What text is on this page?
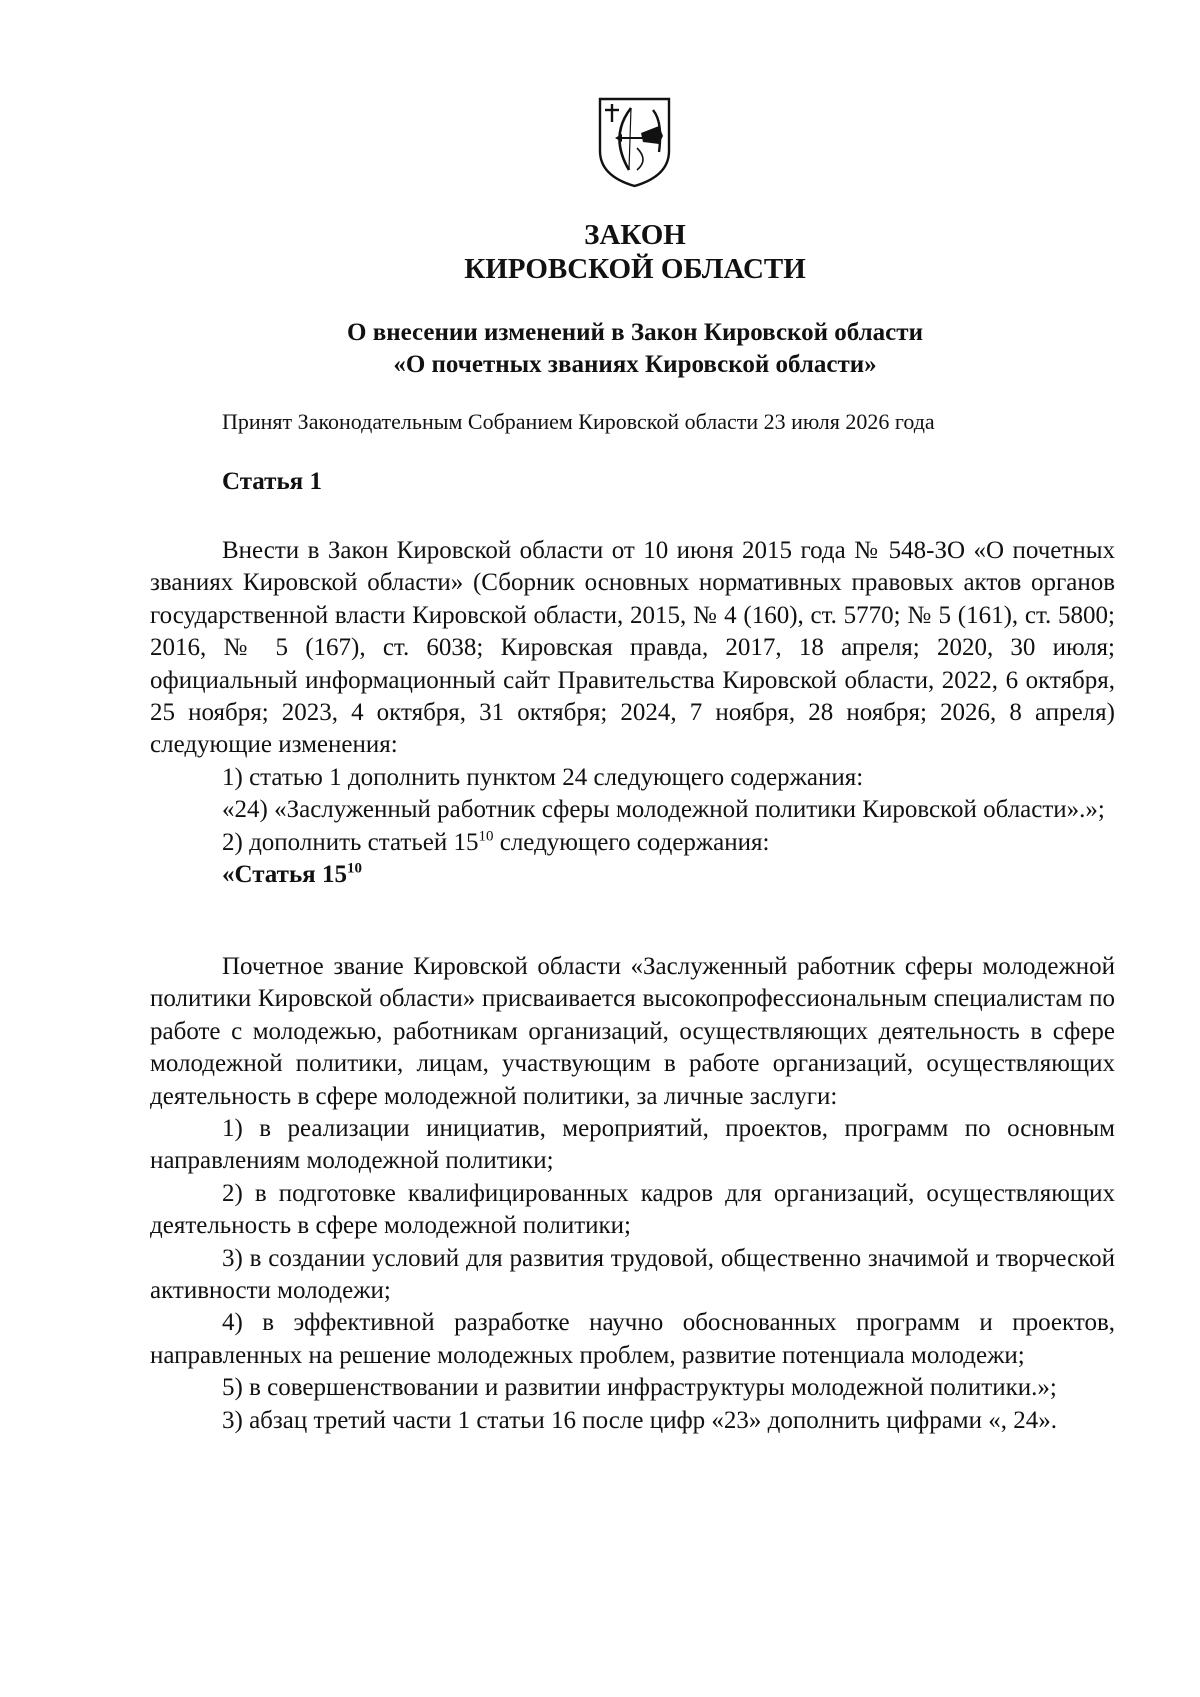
ЗАКОН
КИРОВСКОЙ ОБЛАСТИ
О внесении изменений в Закон Кировской области
«О почетных званиях Кировской области»
Принят Законодательным Собранием Кировской области 23 июля 2026 года
Статья 1

Внести в Закон Кировской области от 10 июня 2015 года № 548-ЗО «О почетных званиях Кировской области» (Сборник основных нормативных правовых актов органов государственной власти Кировской области, 2015, № 4 (160), ст. 5770; № 5 (161), ст. 5800; 2016, № 5 (167), ст. 6038; Кировская правда, 2017, 18 апреля; 2020, 30 июля; официальный информационный сайт Правительства Кировской области, 2022, 6 октября, 25 ноября; 2023, 4 октября, 31 октября; 2024, 7 ноября, 28 ноября; 2026, 8 апреля) следующие изменения:

1) статью 1 дополнить пунктом 24 следующего содержания:

«24) «Заслуженный работник сферы молодежной политики Кировской области».»;

2) дополнить статьей $15^{10}$ следующего содержания:

«Статья $15^{10}$

Почетное звание Кировской области «Заслуженный работник сферы молодежной политики Кировской области» присваивается высокопрофессиональным специалистам по работе с молодежью, работникам организаций, осуществляющих деятельность в сфере молодежной политики, лицам, участвующим в работе организаций, осуществляющих деятельность в сфере молодежной политики, за личные заслуги:

1) в реализации инициатив, мероприятий, проектов, программ по основным направлениям молодежной политики;

2) в подготовке квалифицированных кадров для организаций, осуществляющих деятельность в сфере молодежной политики;

3) в создании условий для развития трудовой, общественно значимой и творческой активности молодежи;

4) в эффективной разработке научно обоснованных программ и проектов, направленных на решение молодежных проблем, развитие потенциала молодежи;

5) в совершенствовании и развитии инфраструктуры молодежной политики.»;

3) абзац третий части 1 статьи 16 после цифр «23» дополнить цифрами «, 24».
